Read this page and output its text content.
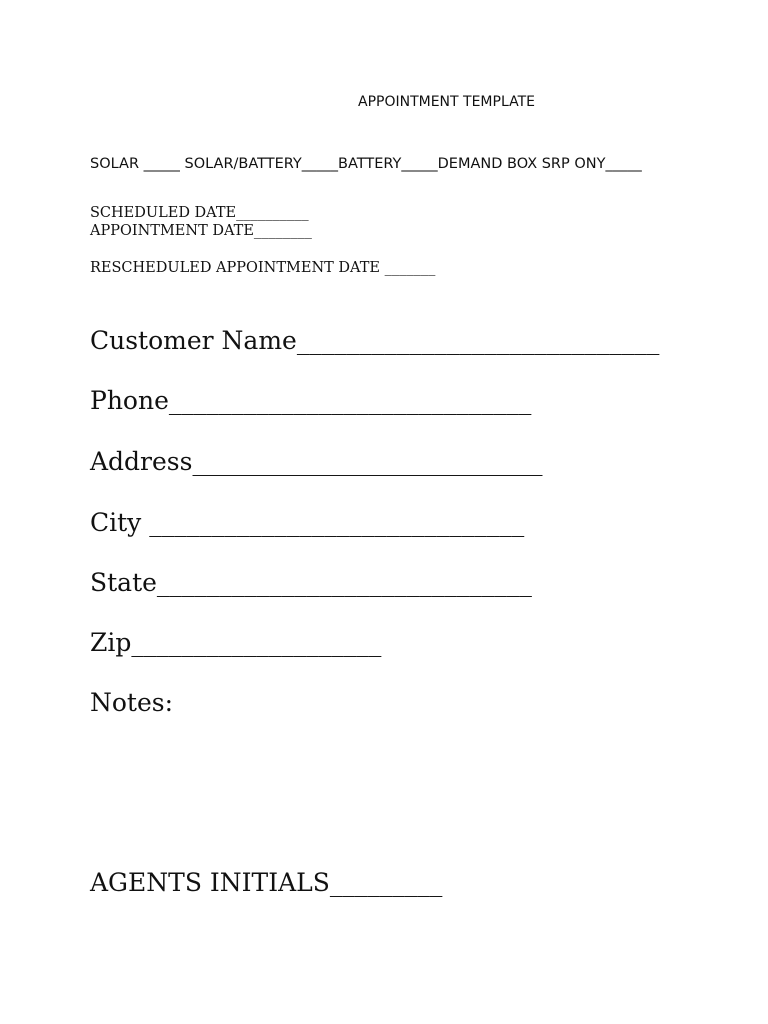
APPOINTMENT TEMPLATE
SOLAR _____ SOLAR/BATTERY_____BATTERY_____DEMAND BOX SRP ONY_____
SCHEDULED DATE__________
APPOINTMENT DATE________
RESCHEDULED APPOINTMENT DATE _______
Customer Name_____________________________
Phone_____________________________
Address____________________________
City ______________________________
State______________________________
Zip____________________
Notes:
AGENTS INITIALS_________
